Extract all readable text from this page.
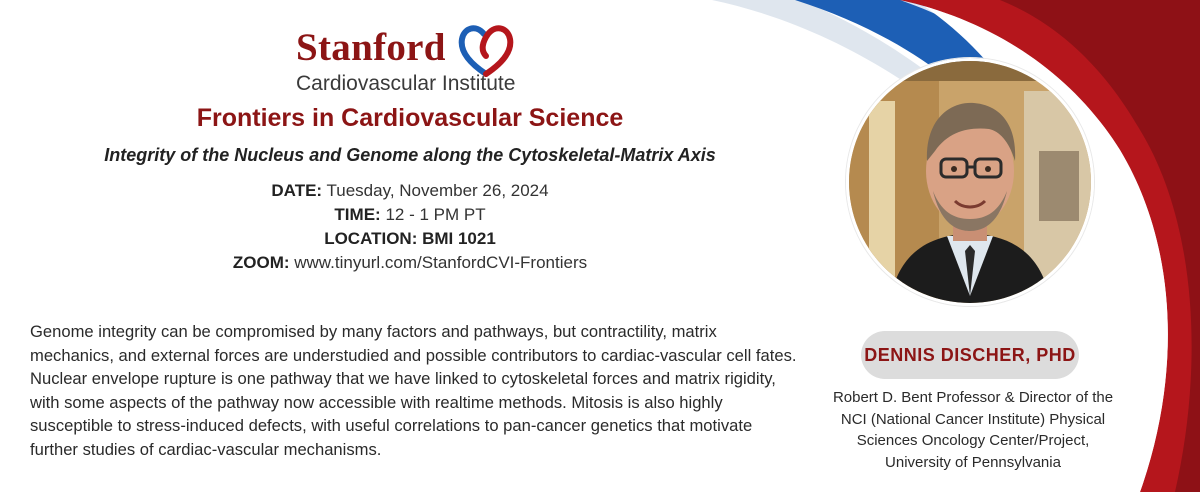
Stanford
Cardiovascular Institute
Frontiers in Cardiovascular Science
Integrity of the Nucleus and Genome along the Cytoskeletal-Matrix Axis
DATE: Tuesday, November 26, 2024
TIME: 12 - 1 PM PT
LOCATION: BMI 1021
ZOOM: www.tinyurl.com/StanfordCVI-Frontiers

Genome integrity can be compromised by many factors and pathways, but contractility, matrix mechanics, and external forces are understudied and possible contributors to cardiac-vascular cell fates. Nuclear envelope rupture is one pathway that we have linked to cytoskeletal forces and matrix rigidity, with some aspects of the pathway now accessible with realtime methods. Mitosis is also highly susceptible to stress-induced defects, with useful correlations to pan-cancer genetics that motivate further studies of cardiac-vascular mechanisms.

DENNIS DISCHER, PHD
Robert D. Bent Professor & Director of the
NCI (National Cancer Institute) Physical
Sciences Oncology Center/Project,
University of Pennsylvania
